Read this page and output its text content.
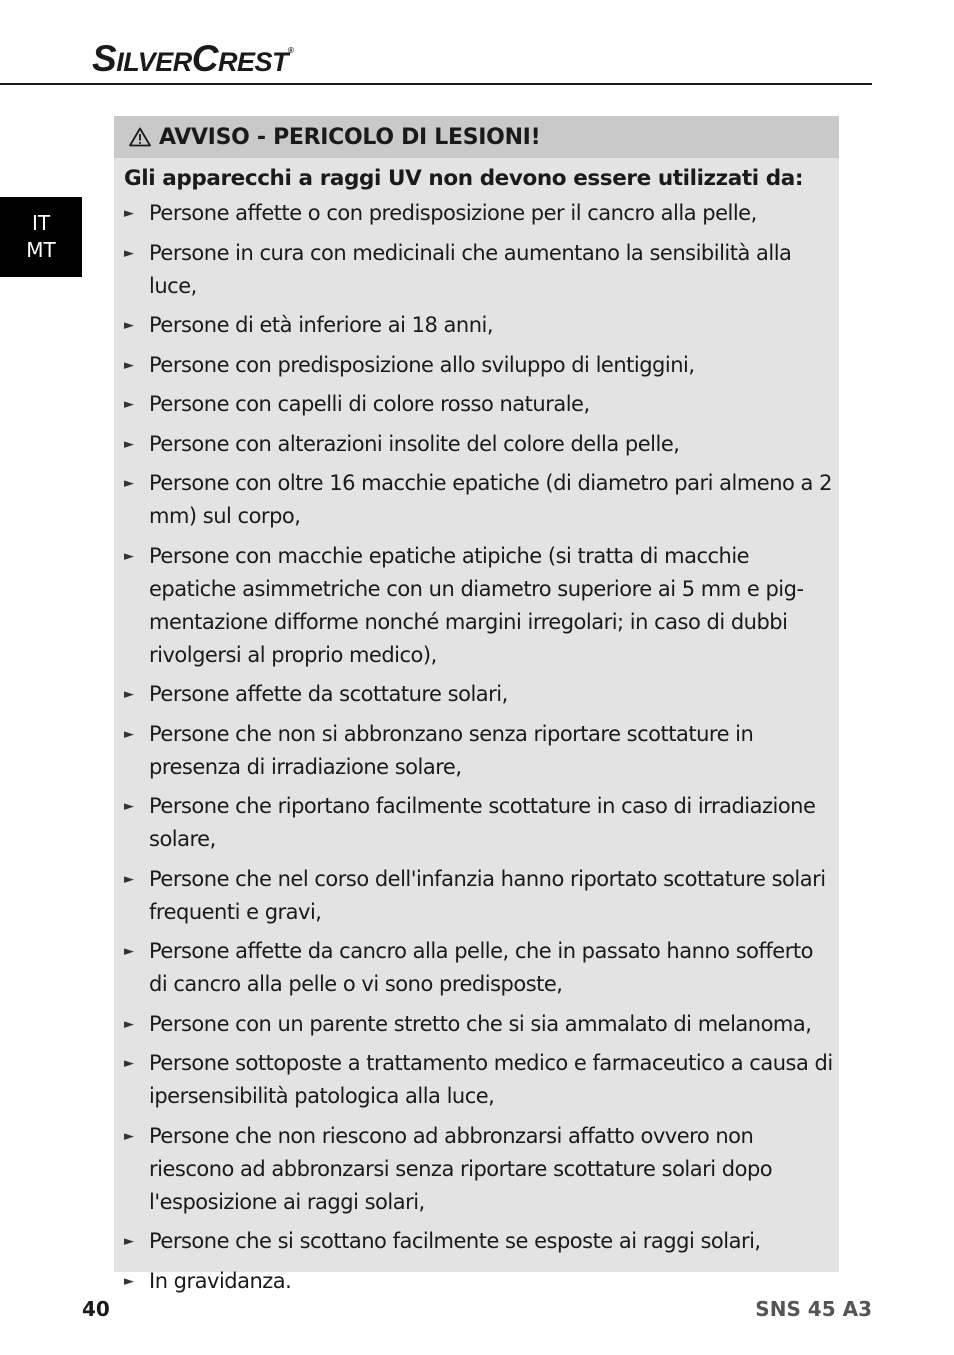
SILVERCREST®
IT
MT
AVVISO - PERICOLO DI LESIONI!
Gli apparecchi a raggi UV non devono essere utilizzati da:
► Persone affette o con predisposizione per il cancro alla pelle,
► Persone in cura con medicinali che aumentano la sensibilità alla luce,
► Persone di età inferiore ai 18 anni,
► Persone con predisposizione allo sviluppo di lentiggini,
► Persone con capelli di colore rosso naturale,
► Persone con alterazioni insolite del colore della pelle,
► Persone con oltre 16 macchie epatiche (di diametro pari almeno a 2 mm) sul corpo,
► Persone con macchie epatiche atipiche (si tratta di macchie epatiche asimmetriche con un diametro superiore ai 5 mm e pig-mentazione difforme nonché margini irregolari; in caso di dubbi rivolgersi al proprio medico),
► Persone affette da scottature solari,
► Persone che non si abbronzano senza riportare scottature in presenza di irradiazione solare,
► Persone che riportano facilmente scottature in caso di irradiazione solare,
► Persone che nel corso dell'infanzia hanno riportato scottature solari frequenti e gravi,
► Persone affette da cancro alla pelle, che in passato hanno sofferto di cancro alla pelle o vi sono predisposte,
► Persone con un parente stretto che si sia ammalato di melanoma,
► Persone sottoposte a trattamento medico e farmaceutico a causa di ipersensibilità patologica alla luce,
► Persone che non riescono ad abbronzarsi affatto ovvero non riescono ad abbronzarsi senza riportare scottature solari dopo l'esposizione ai raggi solari,
► Persone che si scottano facilmente se esposte ai raggi solari,
► In gravidanza.
40	SNS 45 A3
